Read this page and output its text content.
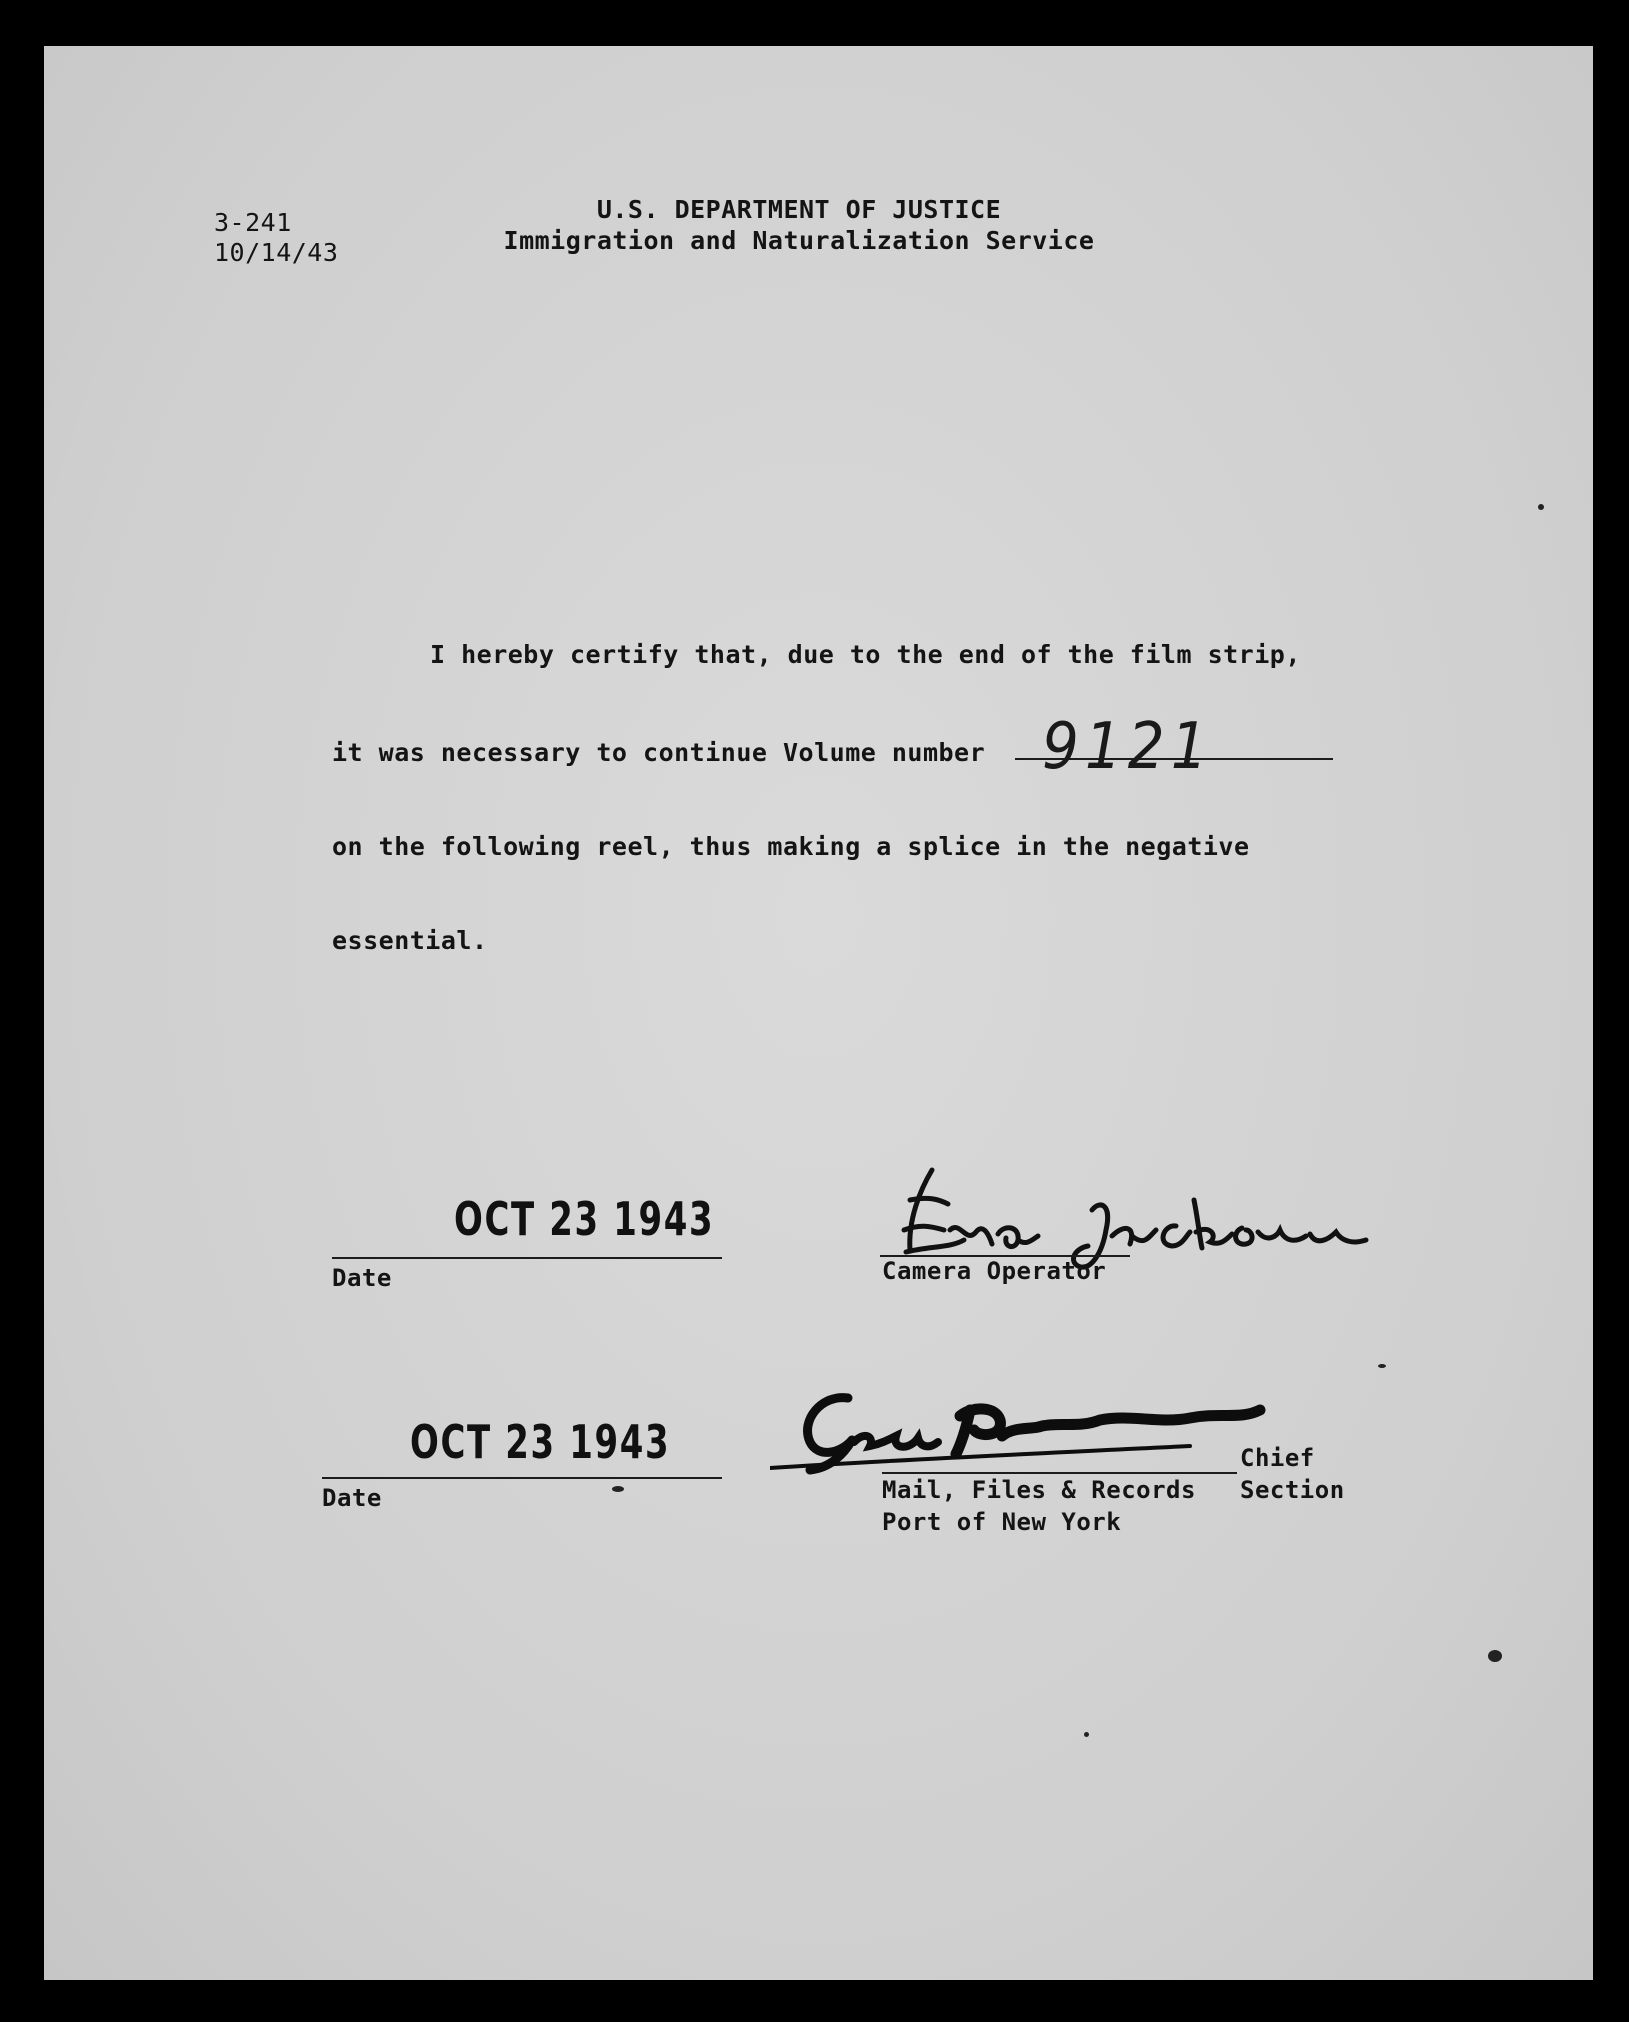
3-241
10/14/43
U.S. DEPARTMENT OF JUSTICE
Immigration and Naturalization Service
I hereby certify that, due to the end of the film strip,
it was necessary to continue Volume number 9121
on the following reel, thus making a splice in the negative
essential.
OCT 23 1943
Date	Camera Operator
OCT 23 1943
Date
Chief
Mail, Files & Records Section
Port of New York
